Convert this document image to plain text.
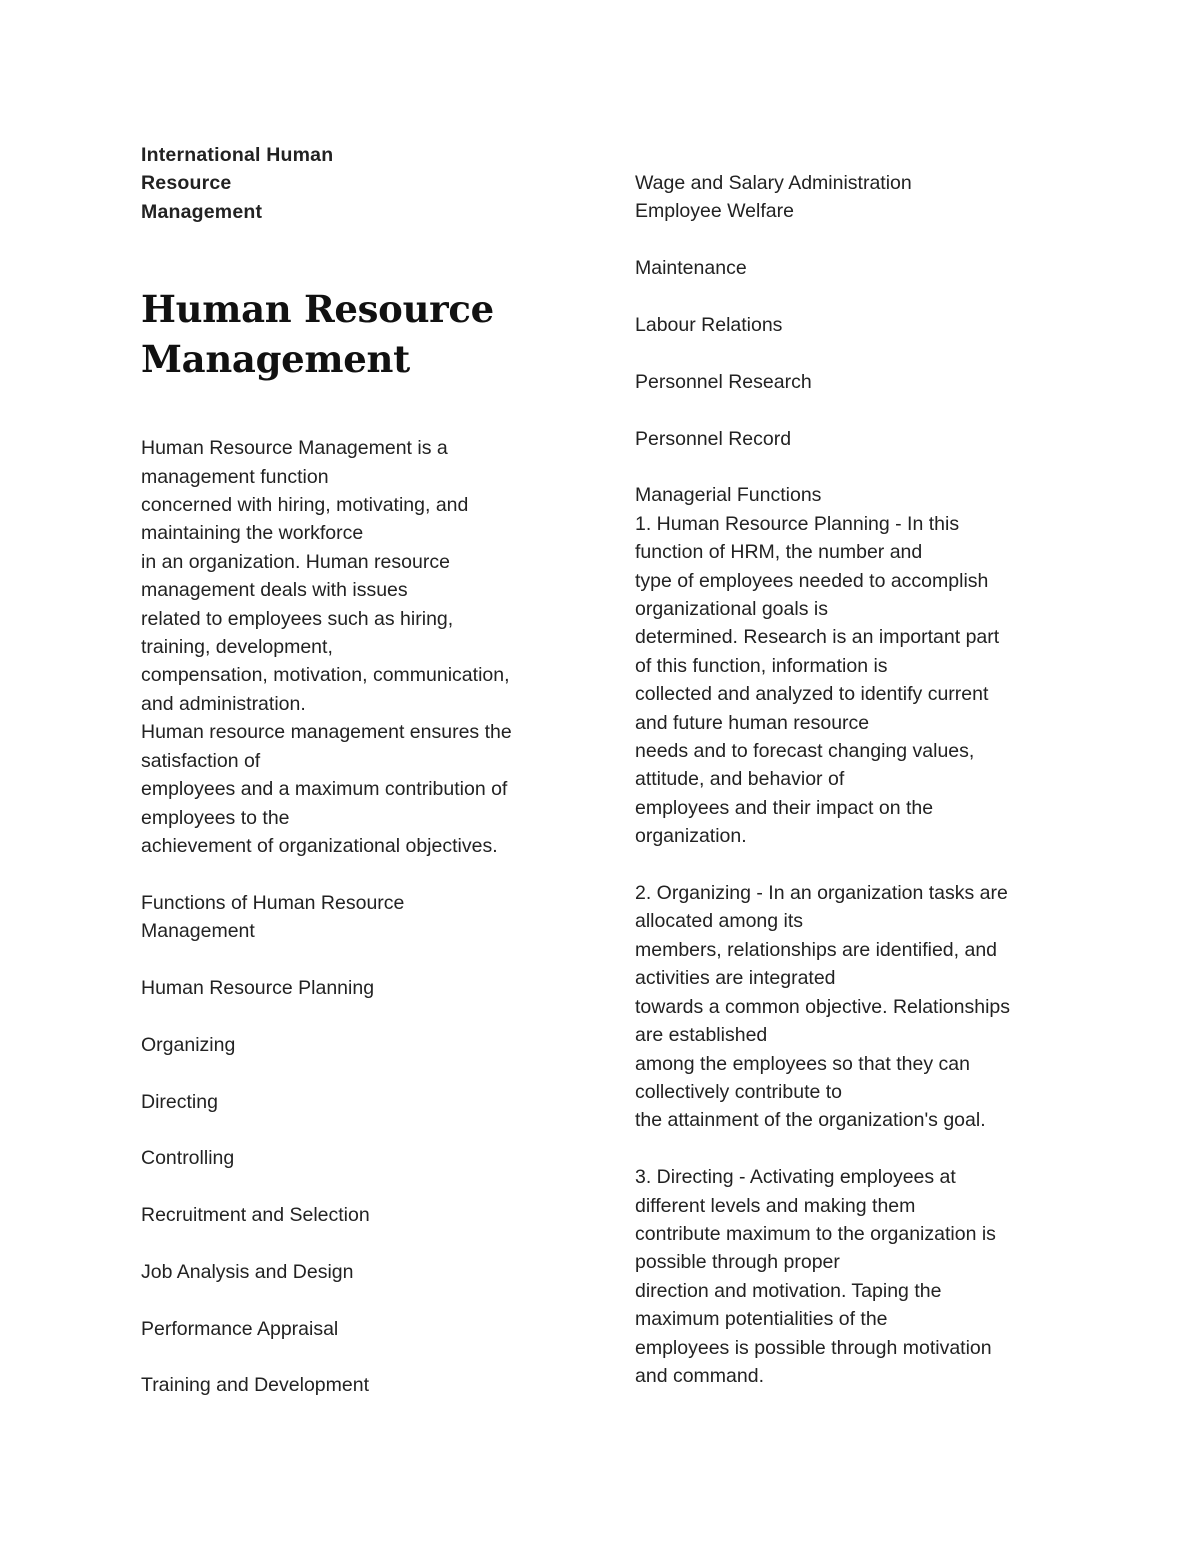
International Human
Resource
Management
Human Resource
Management
Human Resource Management is a
management function
concerned with hiring, motivating, and
maintaining the workforce
in an organization. Human resource
management deals with issues
related to employees such as hiring,
training, development,
compensation, motivation, communication,
and administration.
Human resource management ensures the
satisfaction of
employees and a maximum contribution of
employees to the
achievement of organizational objectives.
Functions of Human Resource
Management
Human Resource Planning
Organizing
Directing
Controlling
Recruitment and Selection
Job Analysis and Design
Performance Appraisal
Training and Development
Wage and Salary Administration
Employee Welfare
Maintenance
Labour Relations
Personnel Research
Personnel Record
Managerial Functions
1. Human Resource Planning - In this
function of HRM, the number and
type of employees needed to accomplish
organizational goals is
determined. Research is an important part
of this function, information is
collected and analyzed to identify current
and future human resource
needs and to forecast changing values,
attitude, and behavior of
employees and their impact on the
organization.
2. Organizing - In an organization tasks are
allocated among its
members, relationships are identified, and
activities are integrated
towards a common objective. Relationships
are established
among the employees so that they can
collectively contribute to
the attainment of the organization's goal.
3. Directing - Activating employees at
different levels and making them
contribute maximum to the organization is
possible through proper
direction and motivation. Taping the
maximum potentialities of the
employees is possible through motivation
and command.
